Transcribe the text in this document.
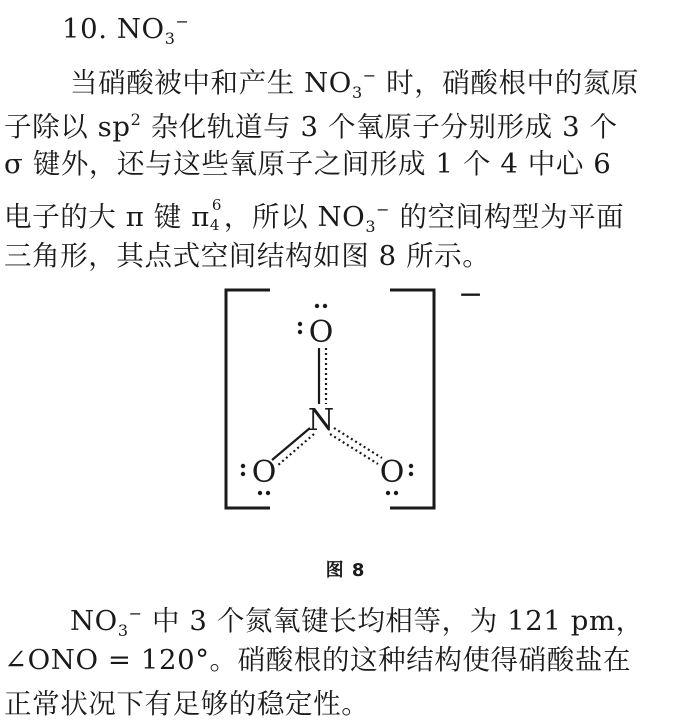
10. $NO_3^-$
当硝酸被中和产生 $NO_3^-$ 时，硝酸根中的氮原
子除以 $sp^2$ 杂化轨道与 3 个氧原子分别形成 3 个
σ 键外，还与这些氧原子之间形成 1 个 4 中心 6
电子的大 π 键 π 6
4 ，所以 $NO_3^-$ 的空间构型为平面
三角形，其点式空间结构如图 8 所示。
−
O
N
O	O
图 8
$NO_3^-$ 中 3 个氮氧键长均相等，为 121 pm，
∠ONO = 120°。硝酸根的这种结构使得硝酸盐在
正常状况下有足够的稳定性。
